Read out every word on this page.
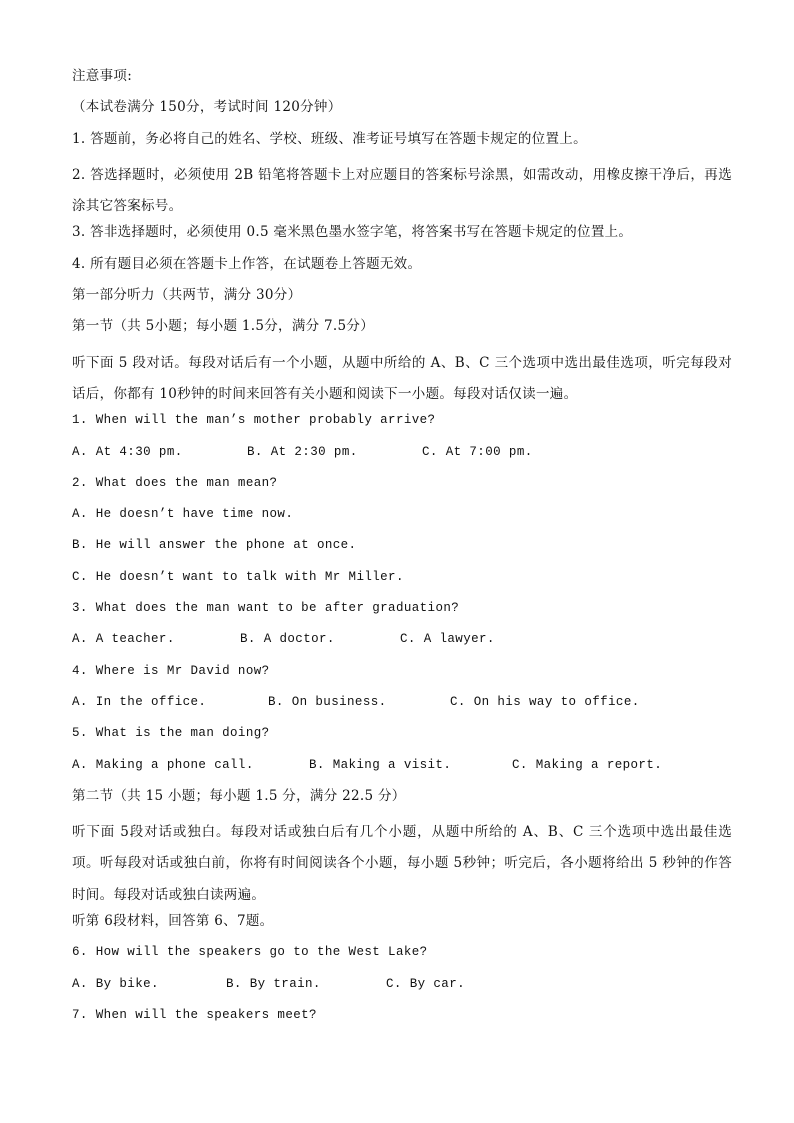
注意事项:
（本试卷满分 150分，考试时间 120分钟）
1. 答题前，务必将自己的姓名、学校、班级、准考证号填写在答题卡规定的位置上。
2. 答选择题时，必须使用 2B 铅笔将答题卡上对应题目的答案标号涂黑，如需改动，用橡皮擦干净后，再选涂其它答案标号。
3. 答非选择题时，必须使用 0.5 毫米黑色墨水签字笔，将答案书写在答题卡规定的位置上。
4. 所有题目必须在答题卡上作答，在试题卷上答题无效。
第一部分听力（共两节，满分 30分）
第一节（共 5小题；每小题 1.5分，满分 7.5分）
听下面 5 段对话。每段对话后有一个小题，从题中所给的 A、B、C 三个选项中选出最佳选项，听完每段对话后，你都有 10秒钟的时间来回答有关小题和阅读下一小题。每段对话仅读一遍。
1. When will the man’s mother probably arrive?
A. At 4:30 pm.	B. At 2:30 pm.	C. At 7:00 pm.
2. What does the man mean?
A. He doesn’t have time now.
B. He will answer the phone at once.
C. He doesn’t want to talk with Mr Miller.
3. What does the man want to be after graduation?
A. A teacher.	B. A doctor.	C. A lawyer.
4. Where is Mr David now?
A. In the office.	B. On business.	C. On his way to office.
5. What is the man doing?
A. Making a phone call.	B. Making a visit.	C. Making a report.
第二节（共 15 小题；每小题 1.5 分，满分 22.5 分）
听下面 5段对话或独白。每段对话或独白后有几个小题，从题中所给的 A、B、C 三个选项中选出最佳选项。听每段对话或独白前，你将有时间阅读各个小题，每小题 5秒钟；听完后，各小题将给出 5 秒钟的作答时间。每段对话或独白读两遍。
听第 6段材料，回答第 6、7题。
6. How will the speakers go to the West Lake?
A. By bike.	B. By train.	C. By car.
7. When will the speakers meet?
